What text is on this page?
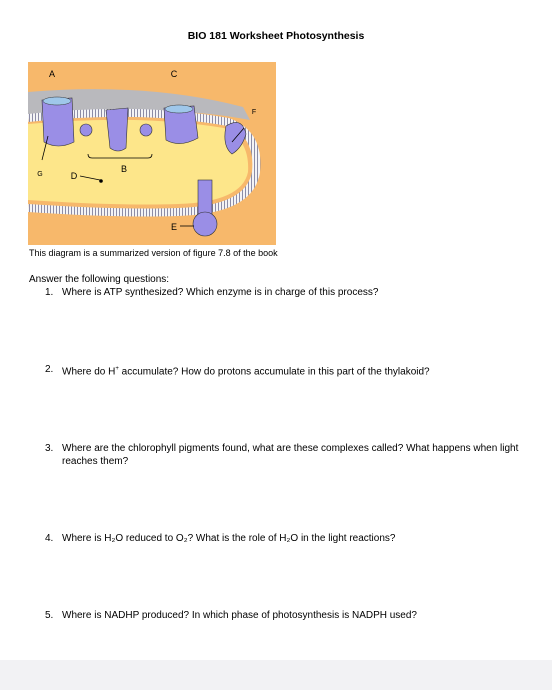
BIO 181 Worksheet Photosynthesis
A	C
F
B
G	D
E
This diagram is a summarized version of figure 7.8 of the book
Answer the following questions:
1. Where is ATP synthesized? Which enzyme is in charge of this process?
2. Where do H+ accumulate? How do protons accumulate in this part of the thylakoid?
3. Where are the chlorophyll pigments found, what are these complexes called? What happens when light reaches them?
4. Where is H₂O reduced to O₂? What is the role of H₂O in the light reactions?
5. Where is NADHP produced? In which phase of photosynthesis is NADPH used?
